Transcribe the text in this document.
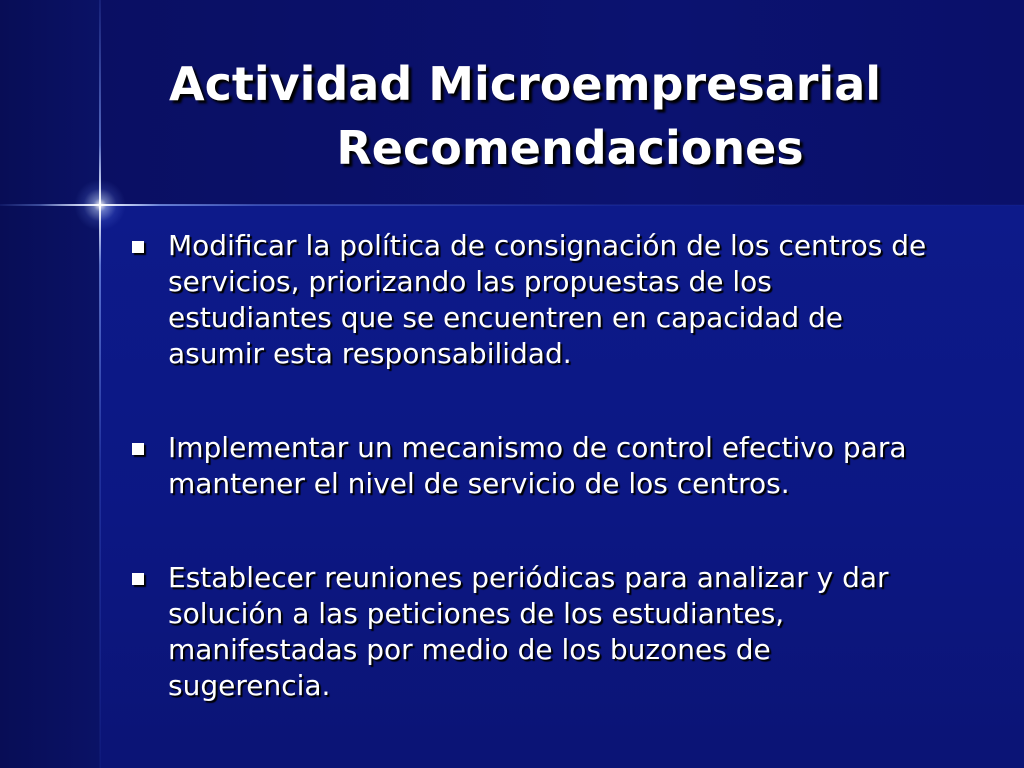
Actividad Microempresarial
Recomendaciones
Modificar la política de consignación de los centros de servicios, priorizando las propuestas de los estudiantes que se encuentren en capacidad de asumir esta responsabilidad.
Implementar un mecanismo de control efectivo para mantener el nivel de servicio de los centros.
Establecer reuniones periódicas para analizar y dar solución a las peticiones de los estudiantes, manifestadas por medio de los buzones de sugerencia.
